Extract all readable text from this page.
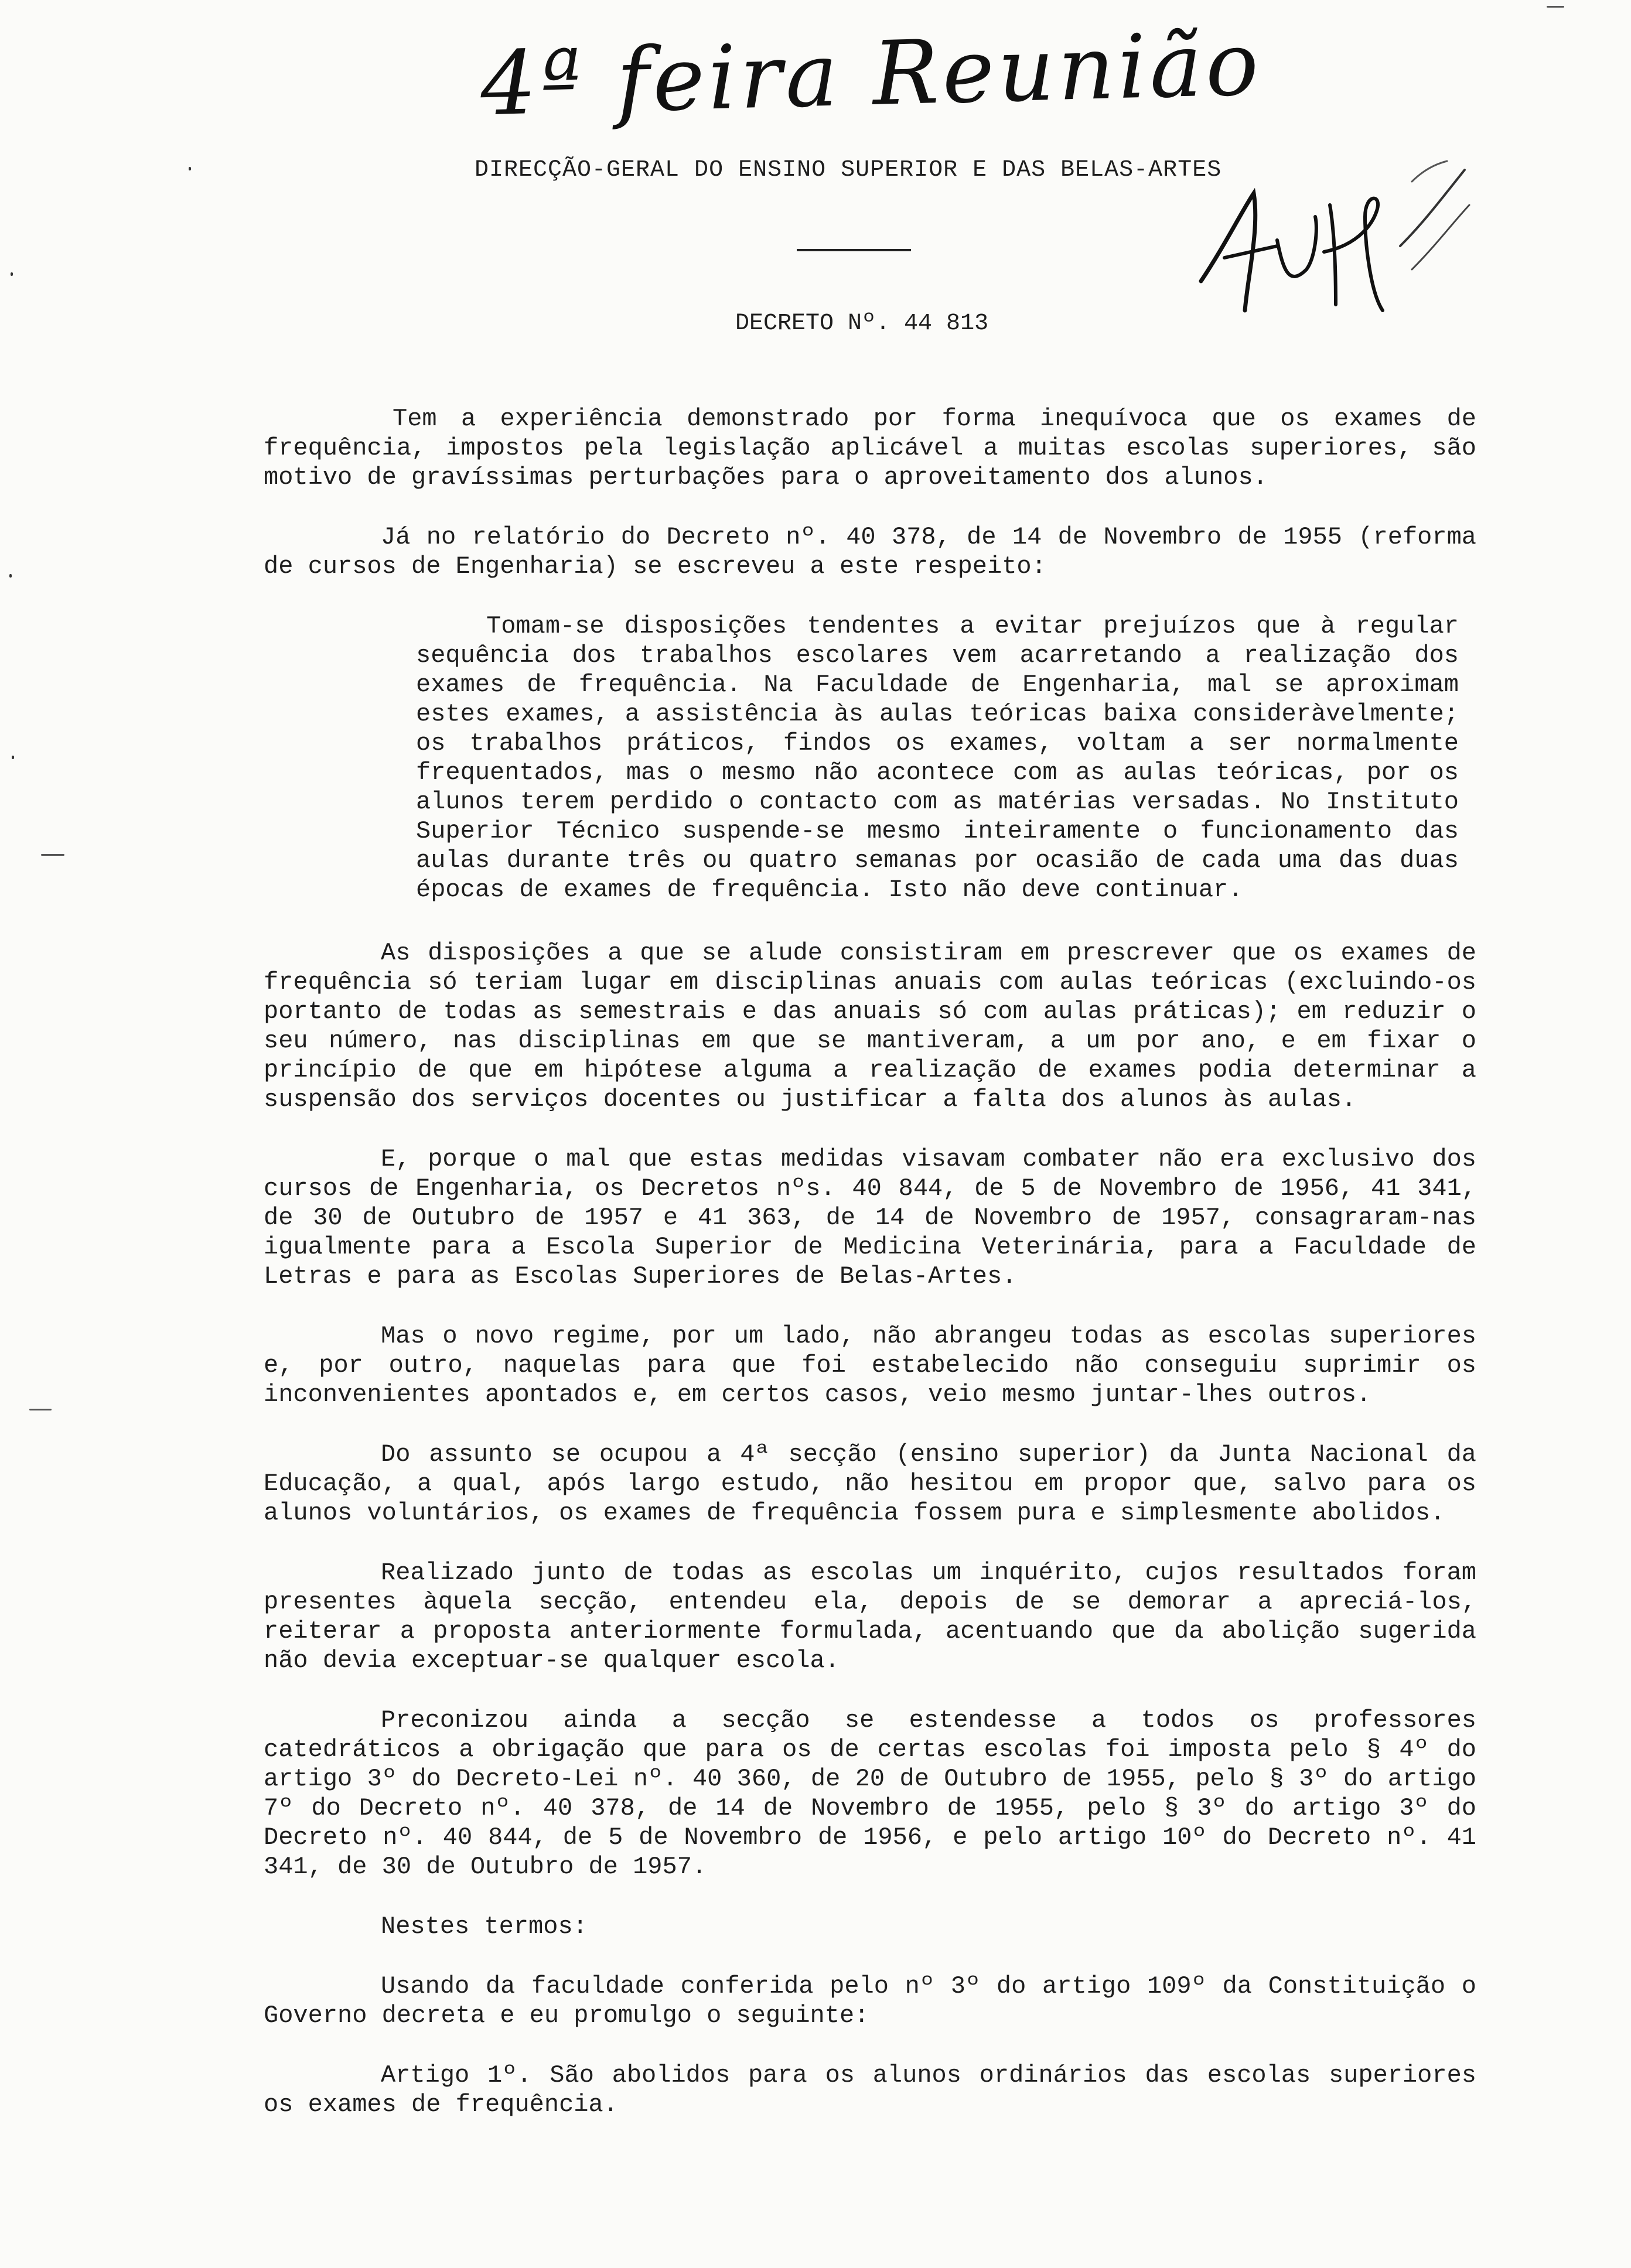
4ª feira Reunião
DIRECÇÃO-GERAL DO ENSINO SUPERIOR E DAS BELAS-ARTES
DECRETO Nº. 44 813

Tem a experiência demonstrado por forma inequívoca que os exames de frequência, impostos pela legislação aplicável a muitas escolas superiores, são motivo de gravíssimas perturbações para o aproveitamento dos alunos.

Já no relatório do Decreto nº. 40 378, de 14 de Novembro de 1955 (reforma de cursos de Engenharia) se escreveu a este respeito:

Tomam-se disposições tendentes a evitar prejuízos que à regular sequência dos trabalhos escolares vem acarretando a realização dos exames de frequência. Na Faculdade de Engenharia, mal se aproximam estes exames, a assistência às aulas teóricas baixa consideràvelmente; os trabalhos práticos, findos os exames, voltam a ser normalmente frequentados, mas o mesmo não acontece com as aulas teóricas, por os alunos terem perdido o contacto com as matérias versadas. No Instituto Superior Técnico suspende-se mesmo inteiramente o funcionamento das aulas durante três ou quatro semanas por ocasião de cada uma das duas épocas de exames de frequência. Isto não deve continuar.

As disposições a que se alude consistiram em prescrever que os exames de frequência só teriam lugar em disciplinas anuais com aulas teóricas (excluindo-os portanto de todas as semestrais e das anuais só com aulas práticas); em reduzir o seu número, nas disciplinas em que se mantiveram, a um por ano, e em fixar o princípio de que em hipótese alguma a realização de exames podia determinar a suspensão dos serviços docentes ou justificar a falta dos alunos às aulas.

E, porque o mal que estas medidas visavam combater não era exclusivo dos cursos de Engenharia, os Decretos nºs. 40 844, de 5 de Novembro de 1956, 41 341, de 30 de Outubro de 1957 e 41 363, de 14 de Novembro de 1957, consagraram-nas igualmente para a Escola Superior de Medicina Veterinária, para a Faculdade de Letras e para as Escolas Superiores de Belas-Artes.

Mas o novo regime, por um lado, não abrangeu todas as escolas superiores e, por outro, naquelas para que foi estabelecido não conseguiu suprimir os inconvenientes apontados e, em certos casos, veio mesmo juntar-lhes outros.

Do assunto se ocupou a 4ª secção (ensino superior) da Junta Nacional da Educação, a qual, após largo estudo, não hesitou em propor que, salvo para os alunos voluntários, os exames de frequência fossem pura e simplesmente abolidos.

Realizado junto de todas as escolas um inquérito, cujos resultados foram presentes àquela secção, entendeu ela, depois de se demorar a apreciá-los, reiterar a proposta anteriormente formulada, acentuando que da abolição sugerida não devia exceptuar-se qualquer escola.

Preconizou ainda a secção se estendesse a todos os professores catedráticos a obrigação que para os de certas escolas foi imposta pelo § 4º do artigo 3º do Decreto-Lei nº. 40 360, de 20 de Outubro de 1955, pelo § 3º do artigo 7º do Decreto nº. 40 378, de 14 de Novembro de 1955, pelo § 3º do artigo 3º do Decreto nº. 40 844, de 5 de Novembro de 1956, e pelo artigo 10º do Decreto nº. 41 341, de 30 de Outubro de 1957.

Nestes termos:

Usando da faculdade conferida pelo nº 3º do artigo 109º da Constituição o Governo decreta e eu promulgo o seguinte:

Artigo 1º. São abolidos para os alunos ordinários das escolas superiores os exames de frequência.
